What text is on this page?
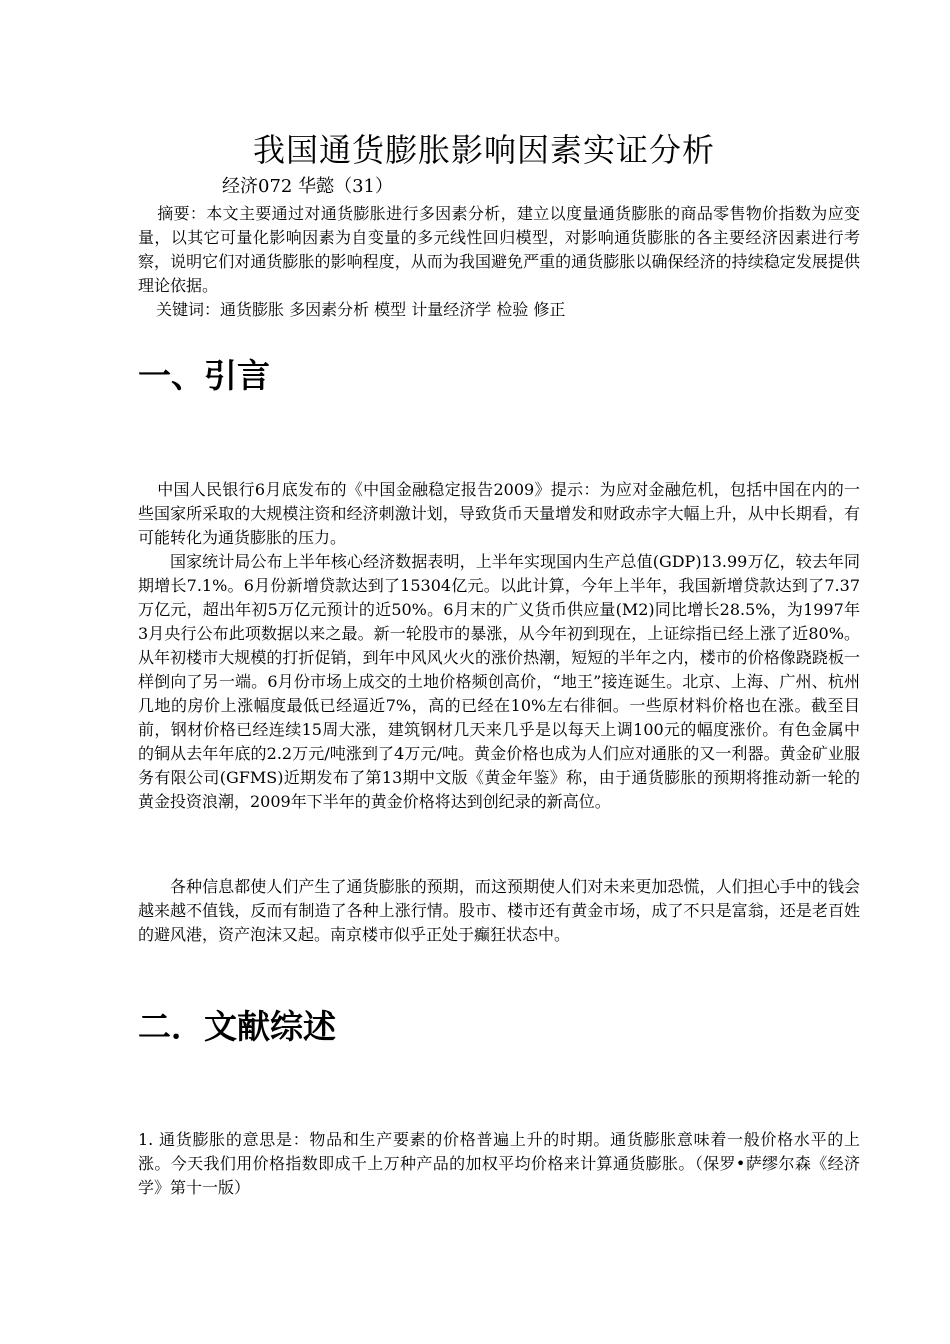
我国通货膨胀影响因素实证分析
经济072 华懿（31）

摘要：本文主要通过对通货膨胀进行多因素分析，建立以度量通货膨胀的商品零售物价指数为应变量，以其它可量化影响因素为自变量的多元线性回归模型，对影响通货膨胀的各主要经济因素进行考察，说明它们对通货膨胀的影响程度，从而为我国避免严重的通货膨胀以确保经济的持续稳定发展提供理论依据。

关键词：通货膨胀 多因素分析 模型 计量经济学 检验 修正
一、引言

中国人民银行6月底发布的《中国金融稳定报告2009》提示：为应对金融危机，包括中国在内的一些国家所采取的大规模注资和经济刺激计划，导致货币天量增发和财政赤字大幅上升，从中长期看，有可能转化为通货膨胀的压力。

国家统计局公布上半年核心经济数据表明，上半年实现国内生产总值(GDP)13.99万亿，较去年同期增长7.1%。6月份新增贷款达到了15304亿元。以此计算，今年上半年，我国新增贷款达到了7.37万亿元，超出年初5万亿元预计的近50%。6月末的广义货币供应量(M2)同比增长28.5%，为1997年3月央行公布此项数据以来之最。新一轮股市的暴涨，从今年初到现在，上证综指已经上涨了近80%。从年初楼市大规模的打折促销，到年中风风火火的涨价热潮，短短的半年之内，楼市的价格像跷跷板一样倒向了另一端。6月份市场上成交的土地价格频创高价，“地王”接连诞生。北京、上海、广州、杭州几地的房价上涨幅度最低已经逼近7%，高的已经在10%左右徘徊。一些原材料价格也在涨。截至目前，钢材价格已经连续15周大涨，建筑钢材几天来几乎是以每天上调100元的幅度涨价。有色金属中的铜从去年年底的2.2万元/吨涨到了4万元/吨。黄金价格也成为人们应对通胀的又一利器。黄金矿业服务有限公司(GFMS)近期发布了第13期中文版《黄金年鉴》称，由于通货膨胀的预期将推动新一轮的黄金投资浪潮，2009年下半年的黄金价格将达到创纪录的新高位。

各种信息都使人们产生了通货膨胀的预期，而这预期使人们对未来更加恐慌，人们担心手中的钱会越来越不值钱，反而有制造了各种上涨行情。股市、楼市还有黄金市场，成了不只是富翁，还是老百姓的避风港，资产泡沫又起。南京楼市似乎正处于癫狂状态中。

二．文献综述

1. 通货膨胀的意思是：物品和生产要素的价格普遍上升的时期。通货膨胀意味着一般价格水平的上涨。今天我们用价格指数即成千上万种产品的加权平均价格来计算通货膨胀。（保罗•萨缪尔森《经济学》第十一版）
